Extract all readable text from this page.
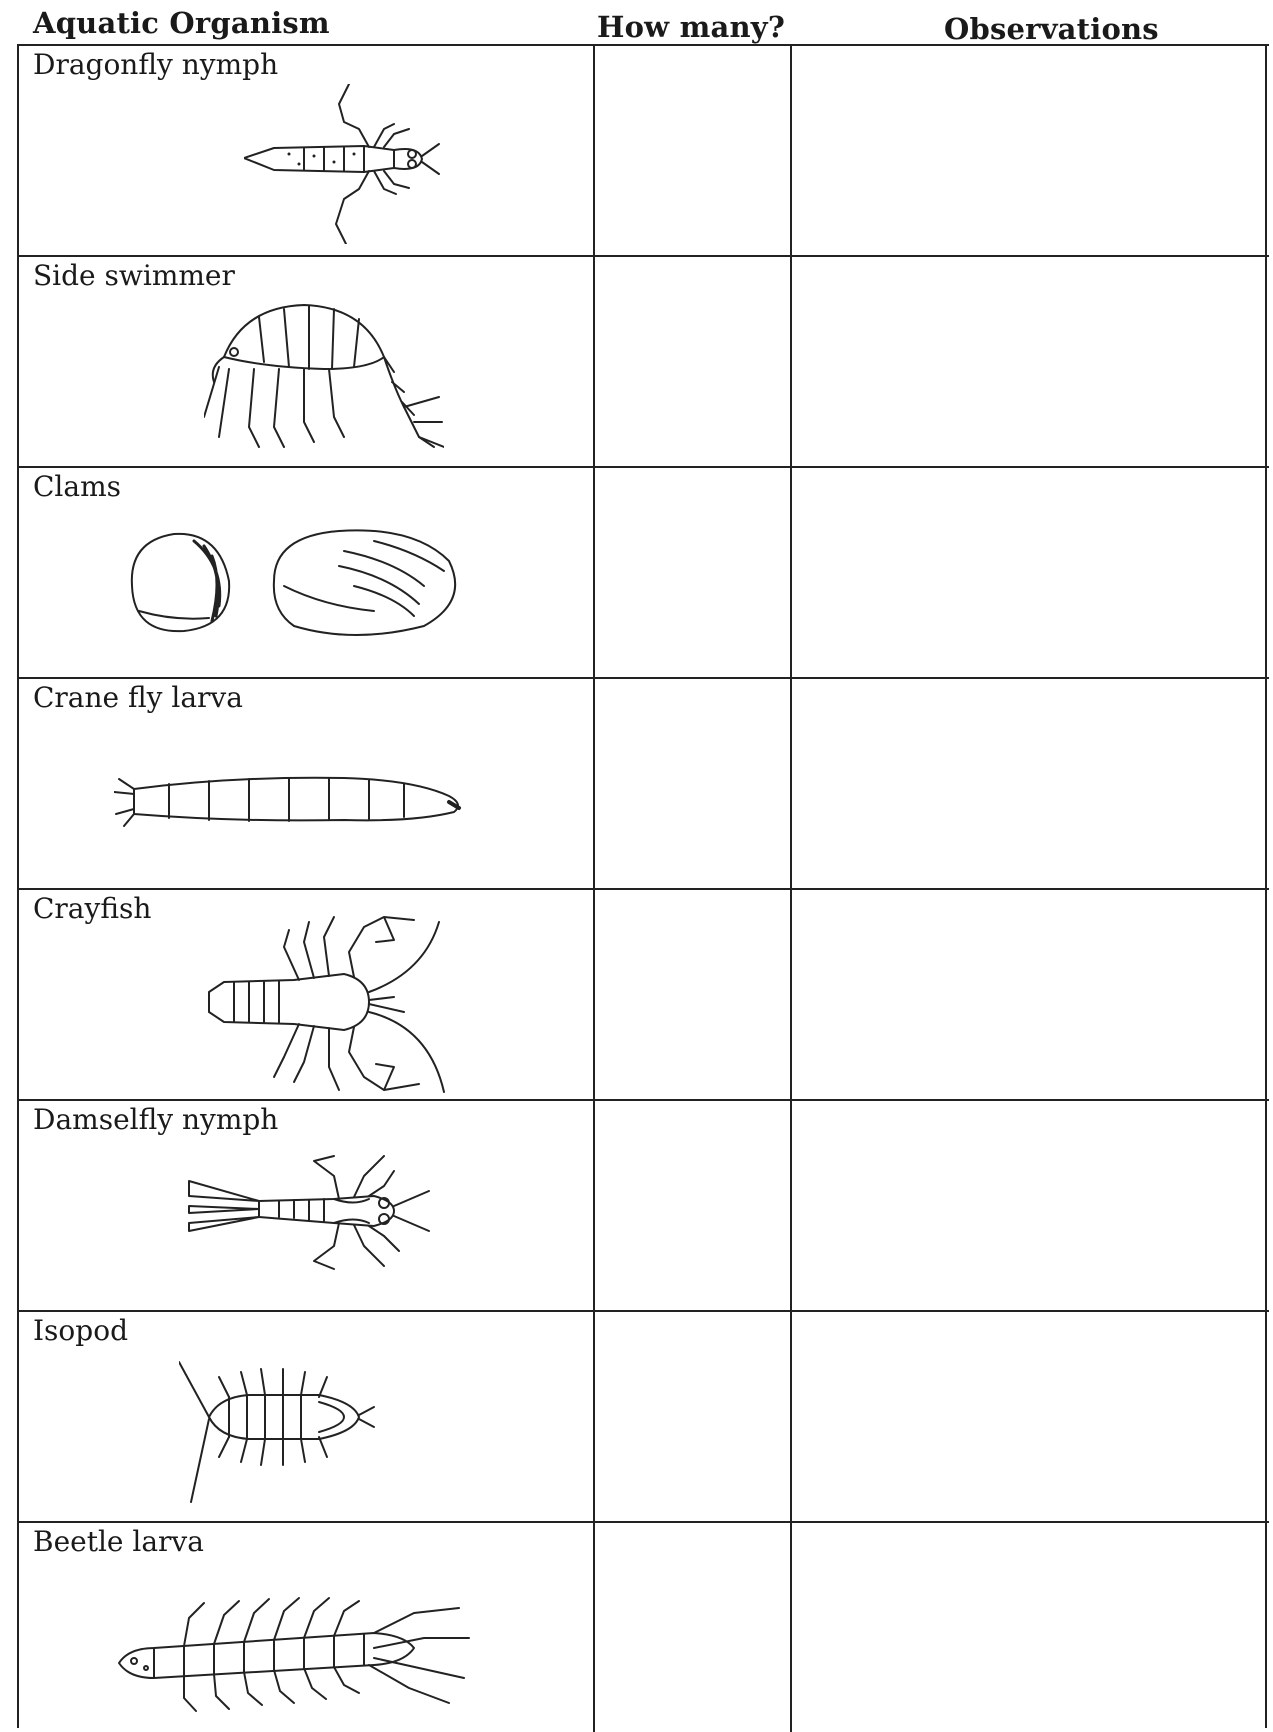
Aquatic Organism	How many?	Observations
Dragonfly nymph
Side swimmer
Clams
Crane fly larva
Crayfish
Damselfly nymph
Isopod
Beetle larva
